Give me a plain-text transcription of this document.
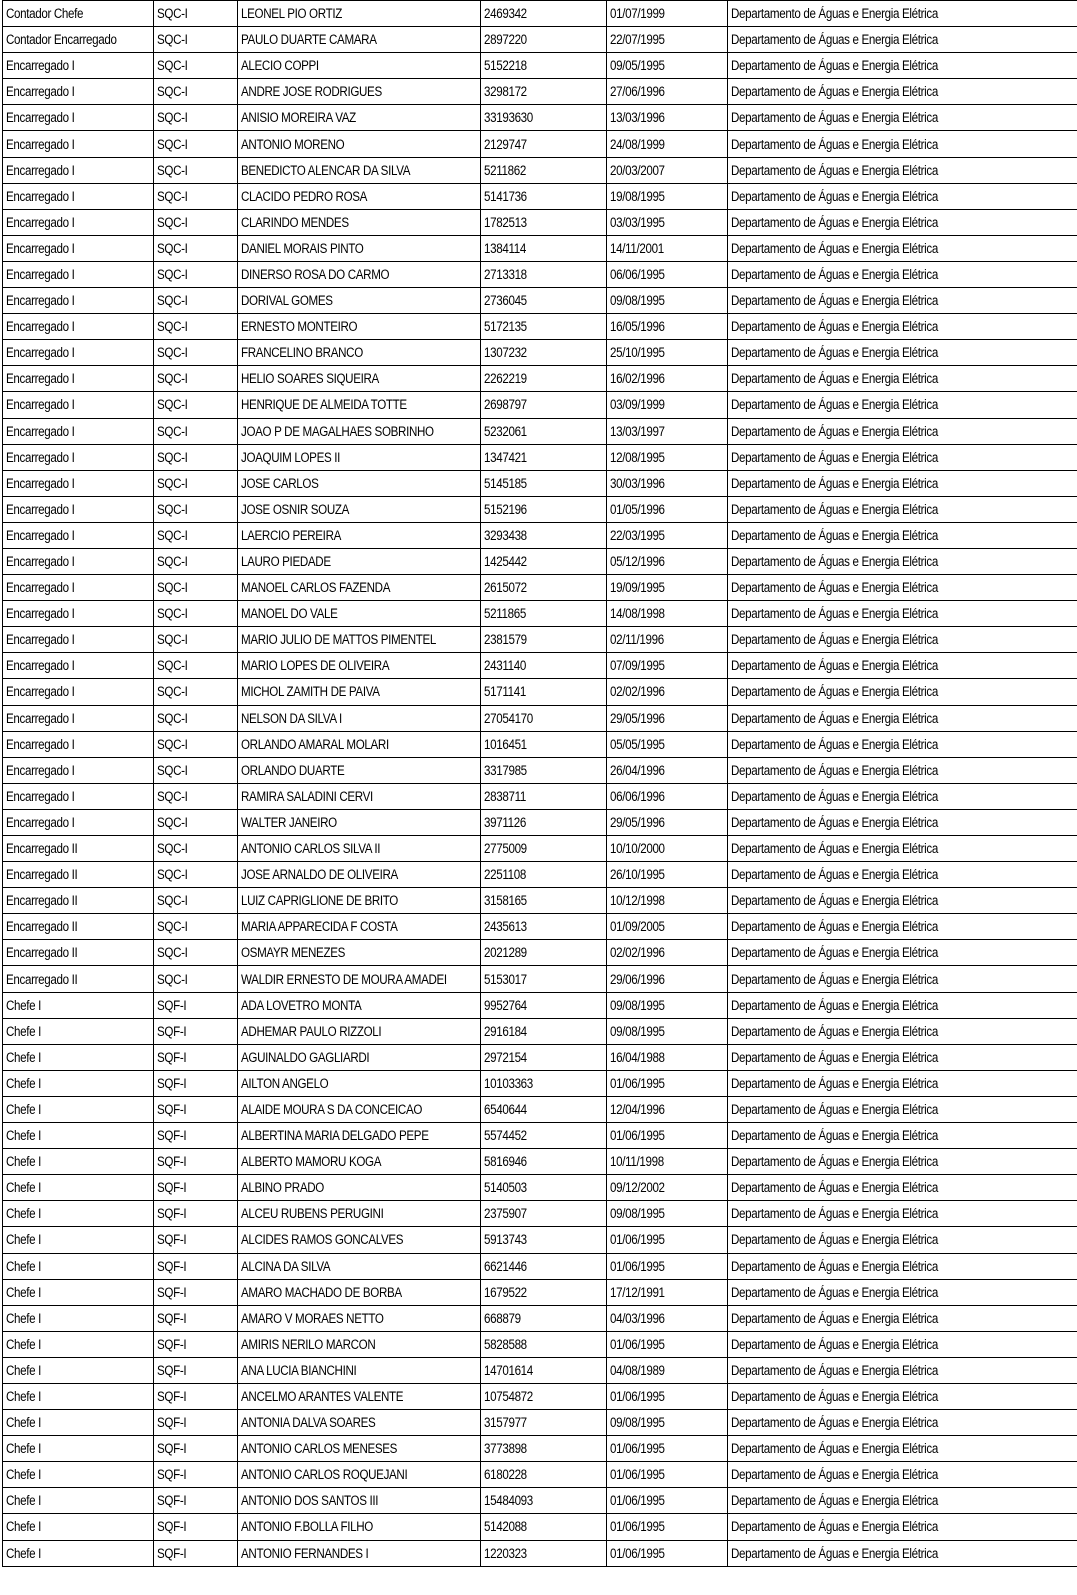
Contador Chefe	SQC-I	LEONEL PIO ORTIZ	2469342	01/07/1999	Departamento de Águas e Energia Elétrica
Contador Encarregado	SQC-I	PAULO DUARTE CAMARA	2897220	22/07/1995	Departamento de Águas e Energia Elétrica
Encarregado I	SQC-I	ALECIO COPPI	5152218	09/05/1995	Departamento de Águas e Energia Elétrica
Encarregado I	SQC-I	ANDRE JOSE RODRIGUES	3298172	27/06/1996	Departamento de Águas e Energia Elétrica
Encarregado I	SQC-I	ANISIO MOREIRA VAZ	33193630	13/03/1996	Departamento de Águas e Energia Elétrica
Encarregado I	SQC-I	ANTONIO MORENO	2129747	24/08/1999	Departamento de Águas e Energia Elétrica
Encarregado I	SQC-I	BENEDICTO ALENCAR DA SILVA	5211862	20/03/2007	Departamento de Águas e Energia Elétrica
Encarregado I	SQC-I	CLACIDO PEDRO ROSA	5141736	19/08/1995	Departamento de Águas e Energia Elétrica
Encarregado I	SQC-I	CLARINDO MENDES	1782513	03/03/1995	Departamento de Águas e Energia Elétrica
Encarregado I	SQC-I	DANIEL MORAIS PINTO	1384114	14/11/2001	Departamento de Águas e Energia Elétrica
Encarregado I	SQC-I	DINERSO ROSA DO CARMO	2713318	06/06/1995	Departamento de Águas e Energia Elétrica
Encarregado I	SQC-I	DORIVAL GOMES	2736045	09/08/1995	Departamento de Águas e Energia Elétrica
Encarregado I	SQC-I	ERNESTO MONTEIRO	5172135	16/05/1996	Departamento de Águas e Energia Elétrica
Encarregado I	SQC-I	FRANCELINO BRANCO	1307232	25/10/1995	Departamento de Águas e Energia Elétrica
Encarregado I	SQC-I	HELIO SOARES SIQUEIRA	2262219	16/02/1996	Departamento de Águas e Energia Elétrica
Encarregado I	SQC-I	HENRIQUE DE ALMEIDA TOTTE	2698797	03/09/1999	Departamento de Águas e Energia Elétrica
Encarregado I	SQC-I	JOAO P DE MAGALHAES SOBRINHO	5232061	13/03/1997	Departamento de Águas e Energia Elétrica
Encarregado I	SQC-I	JOAQUIM LOPES II	1347421	12/08/1995	Departamento de Águas e Energia Elétrica
Encarregado I	SQC-I	JOSE CARLOS	5145185	30/03/1996	Departamento de Águas e Energia Elétrica
Encarregado I	SQC-I	JOSE OSNIR SOUZA	5152196	01/05/1996	Departamento de Águas e Energia Elétrica
Encarregado I	SQC-I	LAERCIO PEREIRA	3293438	22/03/1995	Departamento de Águas e Energia Elétrica
Encarregado I	SQC-I	LAURO PIEDADE	1425442	05/12/1996	Departamento de Águas e Energia Elétrica
Encarregado I	SQC-I	MANOEL CARLOS FAZENDA	2615072	19/09/1995	Departamento de Águas e Energia Elétrica
Encarregado I	SQC-I	MANOEL DO VALE	5211865	14/08/1998	Departamento de Águas e Energia Elétrica
Encarregado I	SQC-I	MARIO JULIO DE MATTOS PIMENTEL	2381579	02/11/1996	Departamento de Águas e Energia Elétrica
Encarregado I	SQC-I	MARIO LOPES DE OLIVEIRA	2431140	07/09/1995	Departamento de Águas e Energia Elétrica
Encarregado I	SQC-I	MICHOL ZAMITH DE PAIVA	5171141	02/02/1996	Departamento de Águas e Energia Elétrica
Encarregado I	SQC-I	NELSON DA SILVA I	27054170	29/05/1996	Departamento de Águas e Energia Elétrica
Encarregado I	SQC-I	ORLANDO AMARAL MOLARI	1016451	05/05/1995	Departamento de Águas e Energia Elétrica
Encarregado I	SQC-I	ORLANDO DUARTE	3317985	26/04/1996	Departamento de Águas e Energia Elétrica
Encarregado I	SQC-I	RAMIRA SALADINI CERVI	2838711	06/06/1996	Departamento de Águas e Energia Elétrica
Encarregado I	SQC-I	WALTER JANEIRO	3971126	29/05/1996	Departamento de Águas e Energia Elétrica
Encarregado II	SQC-I	ANTONIO CARLOS SILVA II	2775009	10/10/2000	Departamento de Águas e Energia Elétrica
Encarregado II	SQC-I	JOSE ARNALDO DE OLIVEIRA	2251108	26/10/1995	Departamento de Águas e Energia Elétrica
Encarregado II	SQC-I	LUIZ CAPRIGLIONE DE BRITO	3158165	10/12/1998	Departamento de Águas e Energia Elétrica
Encarregado II	SQC-I	MARIA APPARECIDA F COSTA	2435613	01/09/2005	Departamento de Águas e Energia Elétrica
Encarregado II	SQC-I	OSMAYR MENEZES	2021289	02/02/1996	Departamento de Águas e Energia Elétrica
Encarregado II	SQC-I	WALDIR ERNESTO DE MOURA AMADEI	5153017	29/06/1996	Departamento de Águas e Energia Elétrica
Chefe I	SQF-I	ADA LOVETRO MONTA	9952764	09/08/1995	Departamento de Águas e Energia Elétrica
Chefe I	SQF-I	ADHEMAR PAULO RIZZOLI	2916184	09/08/1995	Departamento de Águas e Energia Elétrica
Chefe I	SQF-I	AGUINALDO GAGLIARDI	2972154	16/04/1988	Departamento de Águas e Energia Elétrica
Chefe I	SQF-I	AILTON ANGELO	10103363	01/06/1995	Departamento de Águas e Energia Elétrica
Chefe I	SQF-I	ALAIDE MOURA S DA CONCEICAO	6540644	12/04/1996	Departamento de Águas e Energia Elétrica
Chefe I	SQF-I	ALBERTINA MARIA DELGADO PEPE	5574452	01/06/1995	Departamento de Águas e Energia Elétrica
Chefe I	SQF-I	ALBERTO MAMORU KOGA	5816946	10/11/1998	Departamento de Águas e Energia Elétrica
Chefe I	SQF-I	ALBINO PRADO	5140503	09/12/2002	Departamento de Águas e Energia Elétrica
Chefe I	SQF-I	ALCEU RUBENS PERUGINI	2375907	09/08/1995	Departamento de Águas e Energia Elétrica
Chefe I	SQF-I	ALCIDES RAMOS GONCALVES	5913743	01/06/1995	Departamento de Águas e Energia Elétrica
Chefe I	SQF-I	ALCINA DA SILVA	6621446	01/06/1995	Departamento de Águas e Energia Elétrica
Chefe I	SQF-I	AMARO MACHADO DE BORBA	1679522	17/12/1991	Departamento de Águas e Energia Elétrica
Chefe I	SQF-I	AMARO V MORAES NETTO	668879	04/03/1996	Departamento de Águas e Energia Elétrica
Chefe I	SQF-I	AMIRIS NERILO MARCON	5828588	01/06/1995	Departamento de Águas e Energia Elétrica
Chefe I	SQF-I	ANA LUCIA BIANCHINI	14701614	04/08/1989	Departamento de Águas e Energia Elétrica
Chefe I	SQF-I	ANCELMO ARANTES VALENTE	10754872	01/06/1995	Departamento de Águas e Energia Elétrica
Chefe I	SQF-I	ANTONIA DALVA SOARES	3157977	09/08/1995	Departamento de Águas e Energia Elétrica
Chefe I	SQF-I	ANTONIO CARLOS MENESES	3773898	01/06/1995	Departamento de Águas e Energia Elétrica
Chefe I	SQF-I	ANTONIO CARLOS ROQUEJANI	6180228	01/06/1995	Departamento de Águas e Energia Elétrica
Chefe I	SQF-I	ANTONIO DOS SANTOS III	15484093	01/06/1995	Departamento de Águas e Energia Elétrica
Chefe I	SQF-I	ANTONIO F.BOLLA FILHO	5142088	01/06/1995	Departamento de Águas e Energia Elétrica
Chefe I	SQF-I	ANTONIO FERNANDES I	1220323	01/06/1995	Departamento de Águas e Energia Elétrica
